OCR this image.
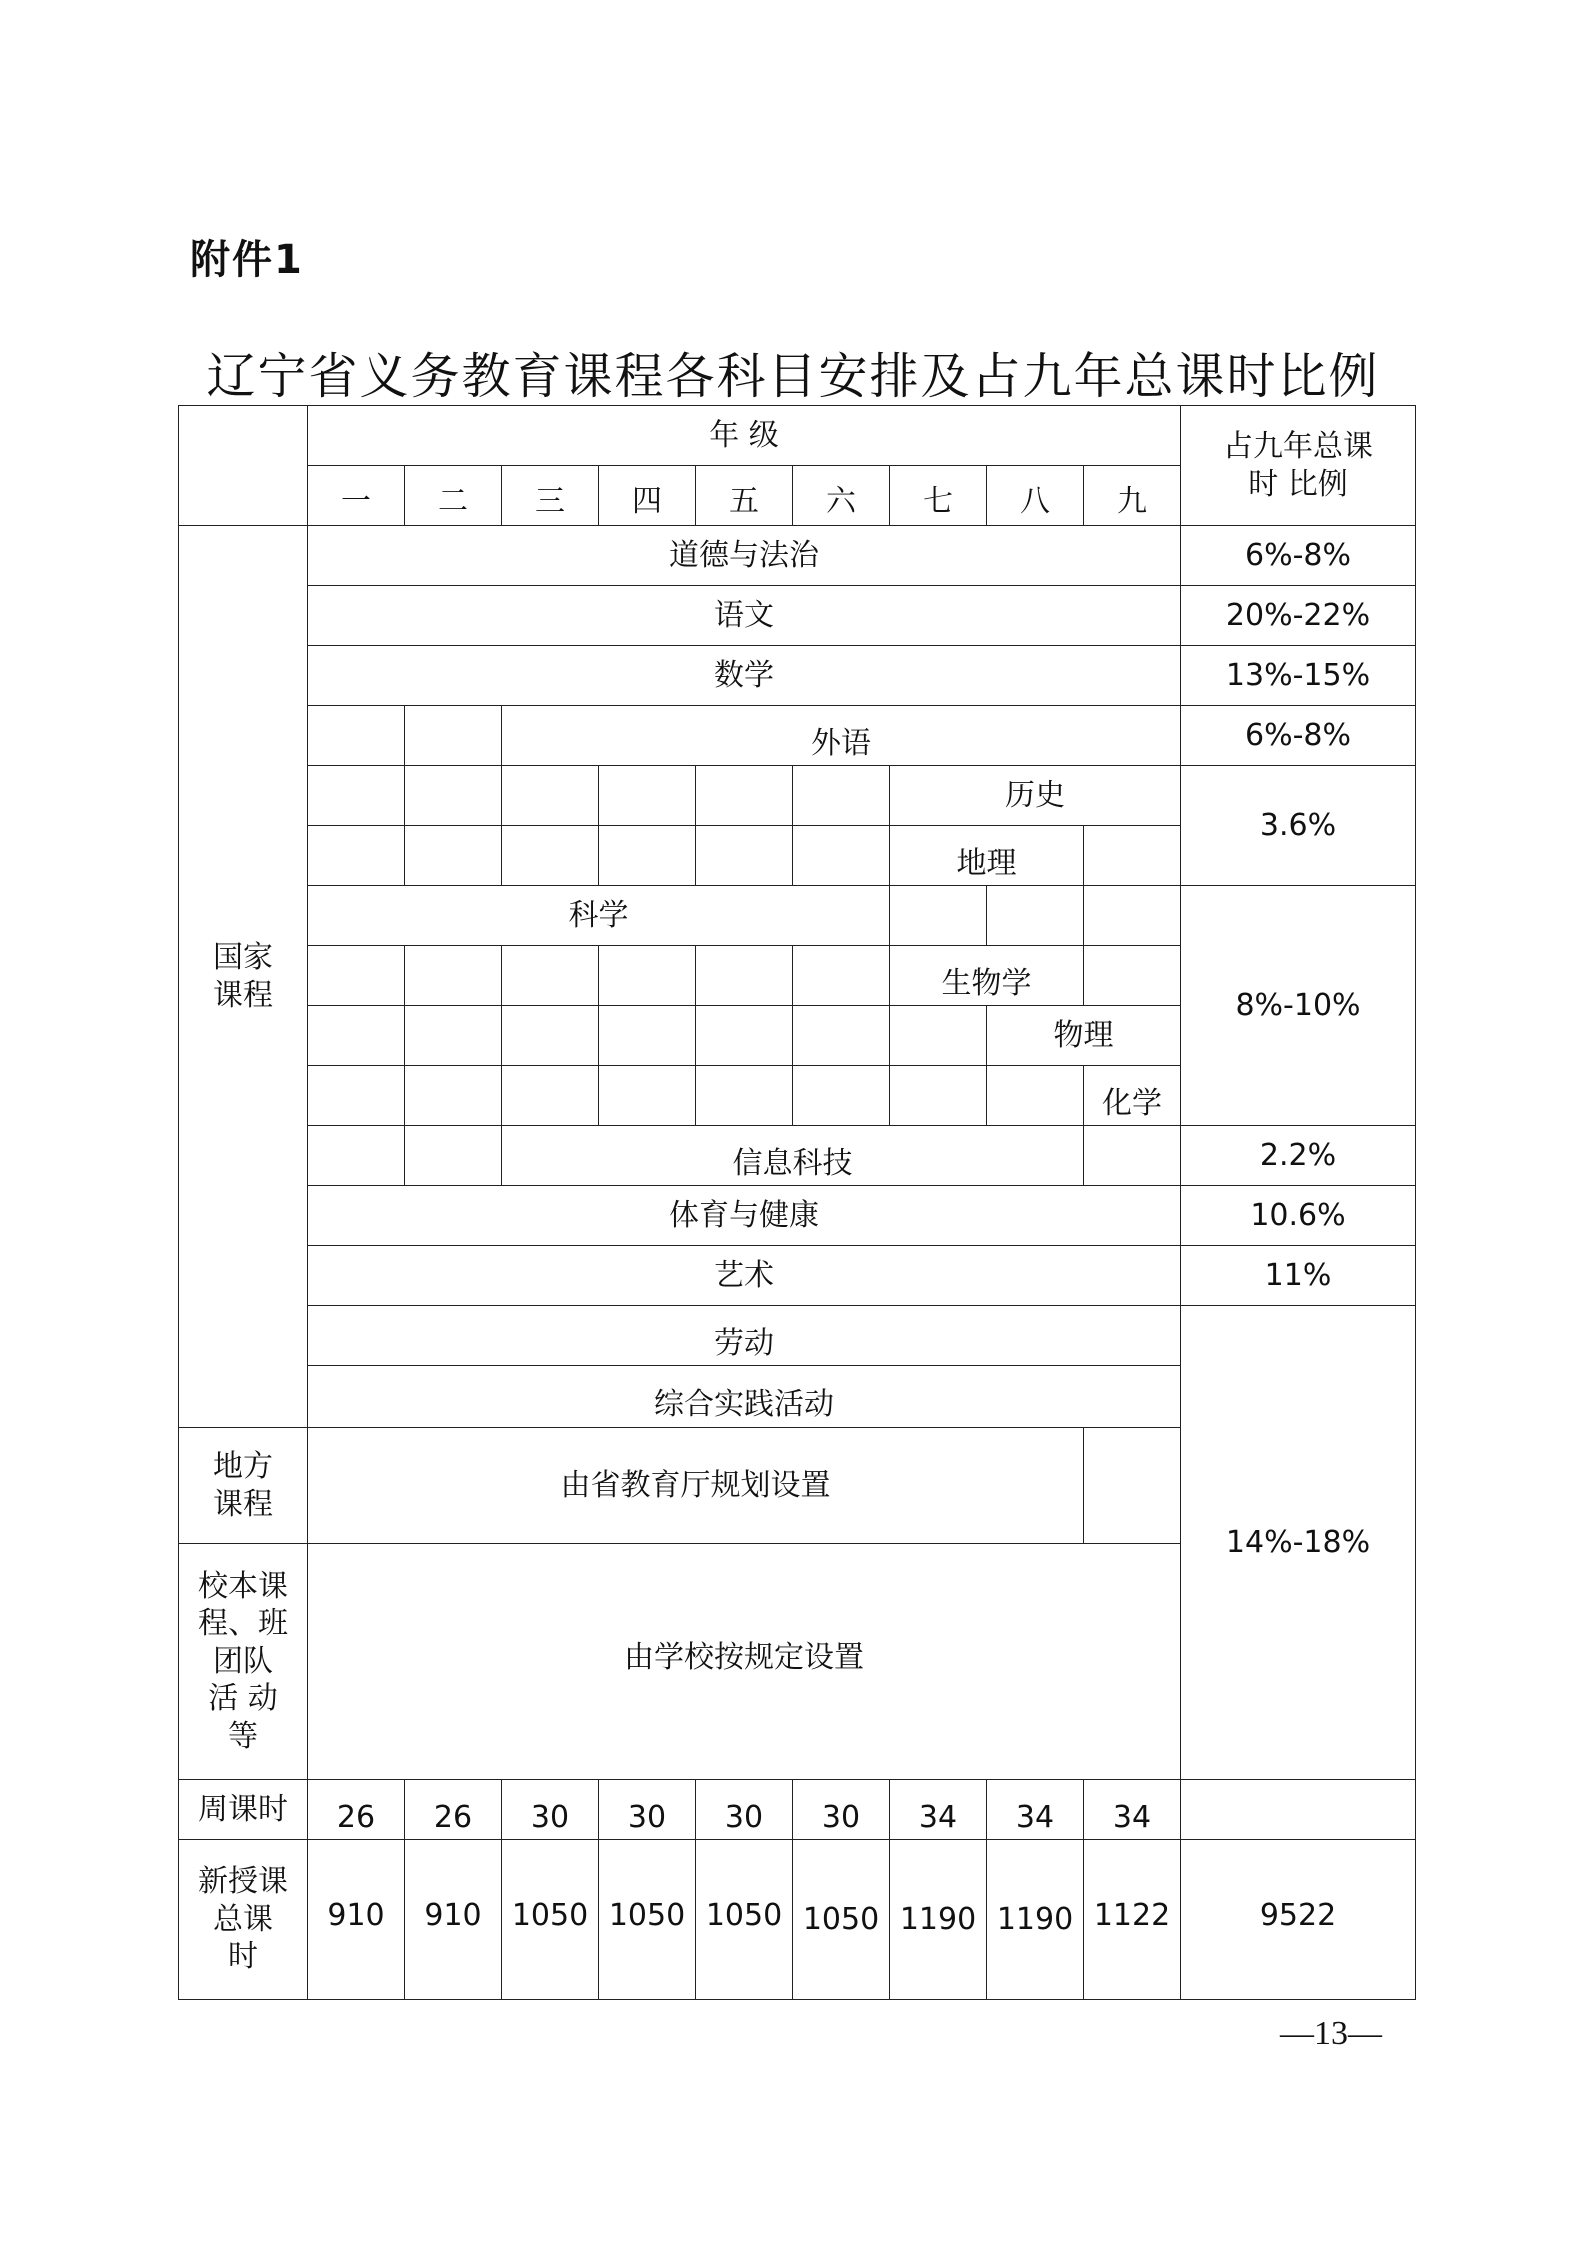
附件1
辽宁省义务教育课程各科目安排及占九年总课时比例
	年 级									占九年总课
时 比例

	一	二	三	四	五	六	七	八	九	

国家
课程	道德与法治									6%-8%
	语文									20%-22%
	数学									13%-15%
			外语							6%-8%
							历史			3.6%
							地理			
	科学									8%-10%
							生物学			
								物理		
									化学	
			信息科技							2.2%
	体育与健康									10.6%
	艺术									11%
	劳动									14%-18%
	综合实践活动									

地方
课程	由省教育厅规划设置									

校本课
程、班
团队
活 动
等	由学校按规定设置									
周课时	26	26	30	30	30	30	34	34	34	

新授课
总课
时	910	910	1050	1050	1050	1050	1190	1190	1122	9522
—13—
